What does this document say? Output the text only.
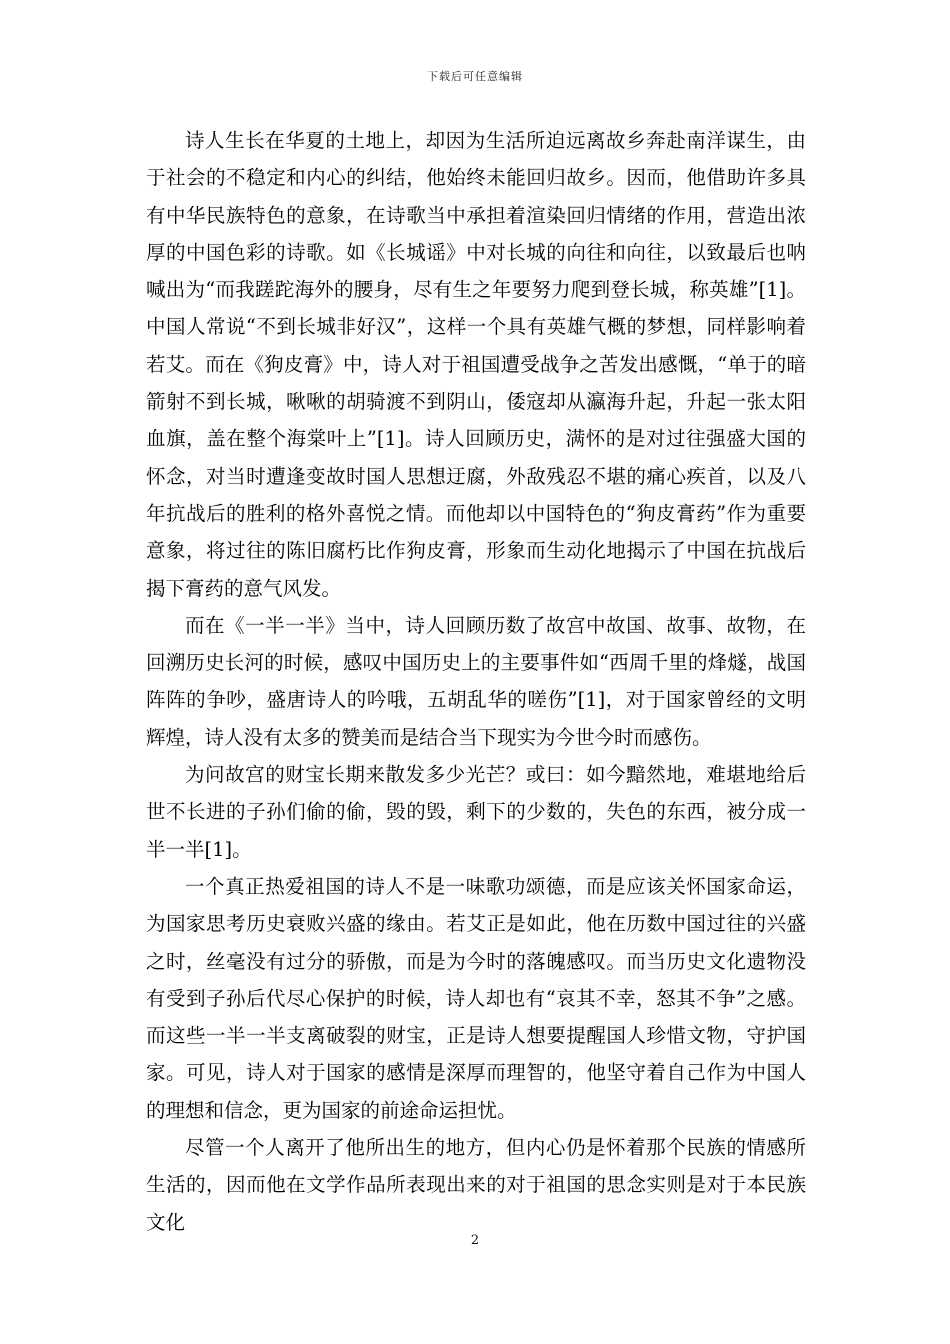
下载后可任意编辑

诗人生长在华夏的土地上，却因为生活所迫远离故乡奔赴南洋谋生，由于社会的不稳定和内心的纠结，他始终未能回归故乡。因而，他借助许多具有中华民族特色的意象，在诗歌当中承担着渲染回归情绪的作用，营造出浓厚的中国色彩的诗歌。如《长城谣》中对长城的向往和向往，以致最后也呐喊出为“而我蹉跎海外的腰身，尽有生之年要努力爬到登长城，称英雄”[1]。中国人常说“不到长城非好汉”，这样一个具有英雄气概的梦想，同样影响着若艾。而在《狗皮膏》中，诗人对于祖国遭受战争之苦发出感慨，“单于的暗箭射不到长城，啾啾的胡骑渡不到阴山，倭寇却从瀛海升起，升起一张太阳血旗，盖在整个海棠叶上”[1]。诗人回顾历史，满怀的是对过往强盛大国的怀念，对当时遭逢变故时国人思想迂腐，外敌残忍不堪的痛心疾首，以及八年抗战后的胜利的格外喜悦之情。而他却以中国特色的“狗皮膏药”作为重要意象，将过往的陈旧腐朽比作狗皮膏，形象而生动化地揭示了中国在抗战后揭下膏药的意气风发。

而在《一半一半》当中，诗人回顾历数了故宫中故国、故事、故物，在回溯历史长河的时候，感叹中国历史上的主要事件如“西周千里的烽燧，战国阵阵的争吵，盛唐诗人的吟哦，五胡乱华的嗟伤”[1]，对于国家曾经的文明辉煌，诗人没有太多的赞美而是结合当下现实为今世今时而感伤。

为问故宫的财宝长期来散发多少光芒？或曰：如今黯然地，难堪地给后世不长进的子孙们偷的偷，毁的毁，剩下的少数的，失色的东西，被分成一半一半[1]。

一个真正热爱祖国的诗人不是一味歌功颂德，而是应该关怀国家命运，为国家思考历史衰败兴盛的缘由。若艾正是如此，他在历数中国过往的兴盛之时，丝毫没有过分的骄傲，而是为今时的落魄感叹。而当历史文化遗物没有受到子孙后代尽心保护的时候，诗人却也有“哀其不幸，怒其不争”之感。而这些一半一半支离破裂的财宝，正是诗人想要提醒国人珍惜文物，守护国家。可见，诗人对于国家的感情是深厚而理智的，他坚守着自己作为中国人的理想和信念，更为国家的前途命运担忧。

尽管一个人离开了他所出生的地方，但内心仍是怀着那个民族的情感所生活的，因而他在文学作品所表现出来的对于祖国的思念实则是对于本民族文化

2
